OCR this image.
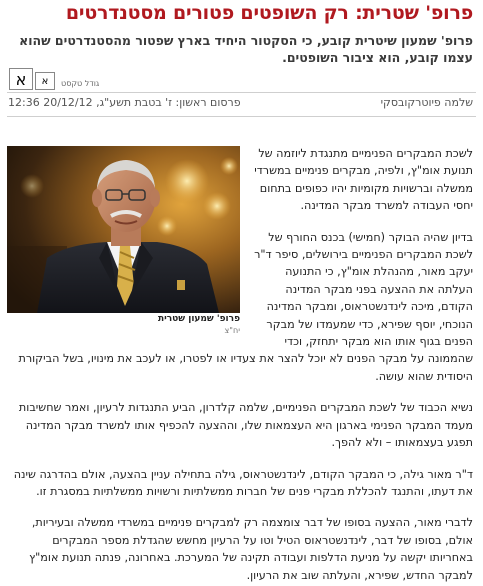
פרופ' שטרית: רק השופטים פטורים מסטנדרטים
פרופ' שמעון שיטרית קובע, כי הסקטור היחיד בארץ שפטור מהסטנדרטים שהוא עצמו קובע, הוא ציבור השופטים.
א	א	גודל טקסט
שלמה פיוטרקובסקי
פרסום ראשון: ז' בטבת תשע"ג, 20/12/12 12:36

לשכת המבקרים הפנימיים מתנגדת ליוזמה של תנועת אומ"ץ, ולפיה, מבקרים פנימיים במשרדי ממשלה וברשויות מקומיות יהיו כפופים בתחום יחסי העבודה למשרד מבקר המדינה.

בדיון שהיה הבוקר (חמישי) בכנס החורף של לשכת המבקרים הפנימיים בירושלים, סיפר ד"ר יעקב מאור, מהנהלת אומ"ץ, כי התנועה העלתה את ההצעה בפני מבקר המדינה הקודם, מיכה לינדנשטראוס, ומבקר המדינה הנוכחי, יוסף שפירא, כדי שמעמדו של מבקר הפנים בגוף אותו הוא מבקר יתחזק, וכדי שהממונה על מבקר הפנים לא יוכל להצר את צעדיו או לפטרו, או לעכב את מינויו, בשל הביקורת היסודית שהוא עושה.

נשיא הכבוד של לשכת המבקרים הפנימיים, שלמה קלדרון, הביע התנגדות לרעיון, ואמר שחשיבות מעמד המבקר הפנימי בארגון היא העצמאות שלו, וההצעה להכפיף אותו למשרד מבקר המדינה תפגע בעצמאותו – ולא להפך.

ד"ר מאור גילה, כי המבקר הקודם, לינדנשטראוס, גילה בתחילה עניין בהצעה, אולם בהדרגה שינה את דעתו, והתנגד להכללת מבקרי פנים של חברות ממשלתיות ורשויות ממשלתיות במסגרת זו.

לדברי מאור, ההצעה בסופו של דבר צומצמה רק למבקרים פנימיים במשרדי ממשלה ובעיריות, אולם, בסופו של דבר, לינדנשטראוס הטיל וטו על הרעיון מחשש שהגדלת מספר המבקרים באחריותו יקשה על מניעת הדלפות ועבודה תקינה של המערכת. באחרונה, פנתה תנועת אומ"ץ למבקר החדש, שפירא, והעלתה שוב את הרעיון.

פרופ' שמעון שטרית
יח"צ
